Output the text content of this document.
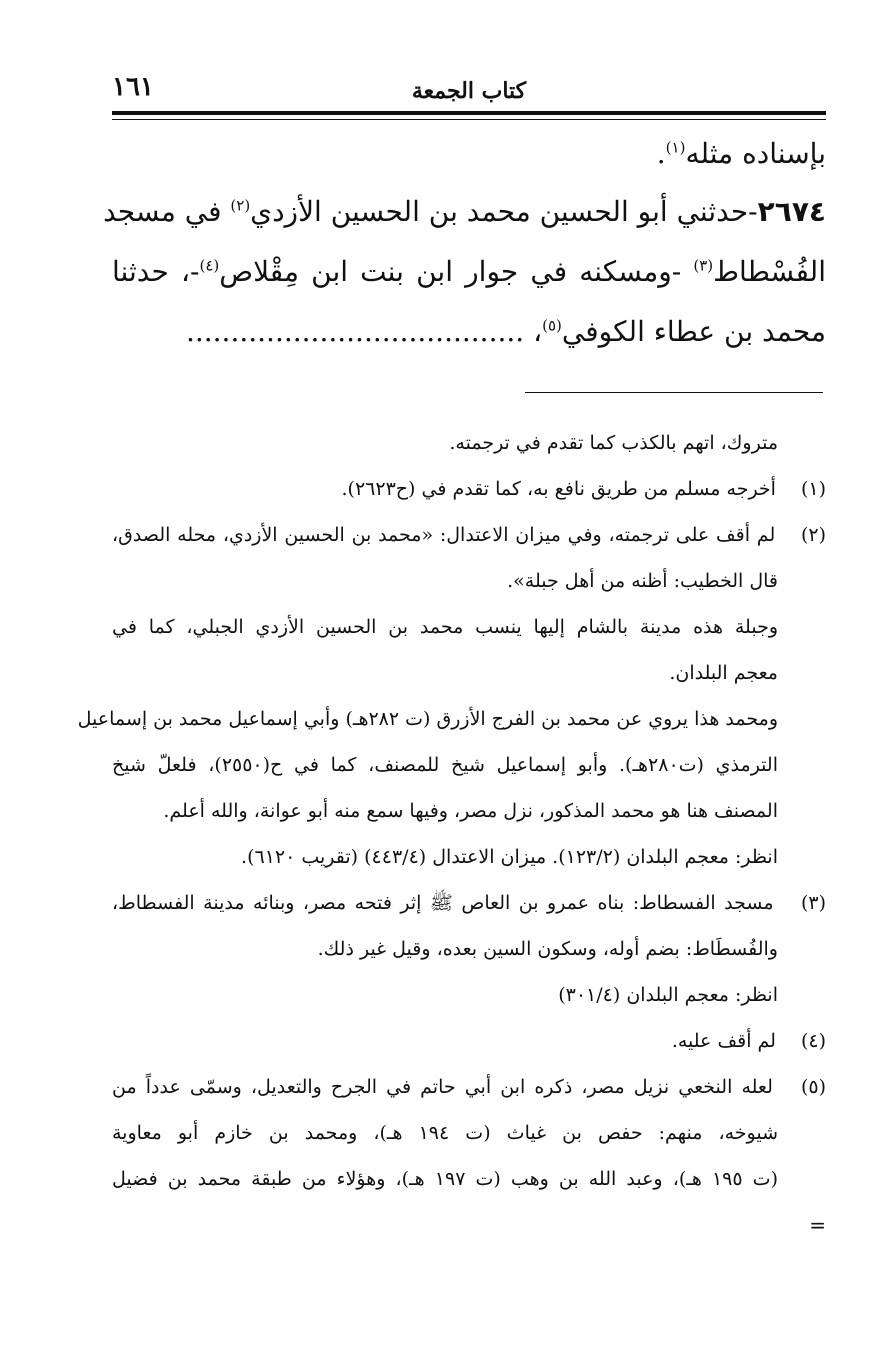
١٦١	كتاب الجمعة
بإسناده مثله$^{(١)}$.
٢٦٧٤-حدثني أبو الحسين محمد بن الحسين الأزدي$^{(٢)}$ في مسجد
الفُسْطاط$^{(٣)}$ -ومسكنه في جوار ابن بنت ابن مِقْلاص$^{(٤)}$-، حدثنا
محمد بن عطاء الكوفي$^{(٥)}$، ......................................
متروك، اتهم بالكذب كما تقدم في ترجمته.
(١) أخرجه مسلم من طريق نافع به، كما تقدم في (ح٢٦٢٣).
(٢) لم أقف على ترجمته، وفي ميزان الاعتدال: «محمد بن الحسين الأزدي، محله الصدق،
قال الخطيب: أظنه من أهل جبلة».
وجبلة هذه مدينة بالشام إليها ينسب محمد بن الحسين الأزدي الجبلي، كما في
معجم البلدان.
ومحمد هذا يروي عن محمد بن الفرج الأزرق (ت ٢٨٢هـ) وأبي إسماعيل محمد بن إسماعيل
الترمذي (ت٢٨٠هـ). وأبو إسماعيل شيخ للمصنف، كما في ح(٢٥٥٠)، فلعلّ شيخ
المصنف هنا هو محمد المذكور، نزل مصر، وفيها سمع منه أبو عوانة، والله أعلم.
انظر: معجم البلدان (١٢٣/٢). ميزان الاعتدال (٤٤٣/٤) (تقريب ٦١٢٠).
(٣) مسجد الفسطاط: بناه عمرو بن العاص ﷺ إثر فتحه مصر، وبنائه مدينة الفسطاط،
والفُسطَاط: بضم أوله، وسكون السين بعده، وقيل غير ذلك.
انظر: معجم البلدان (٣٠١/٤)
(٤) لم أقف عليه.
(٥) لعله النخعي نزيل مصر، ذكره ابن أبي حاتم في الجرح والتعديل، وسمّى عدداً من
شيوخه، منهم: حفص بن غياث (ت ١٩٤ هـ)، ومحمد بن خازم أبو معاوية
(ت ١٩٥ هـ)، وعبد الله بن وهب (ت ١٩٧ هـ)، وهؤلاء من طبقة محمد بن فضيل
=
